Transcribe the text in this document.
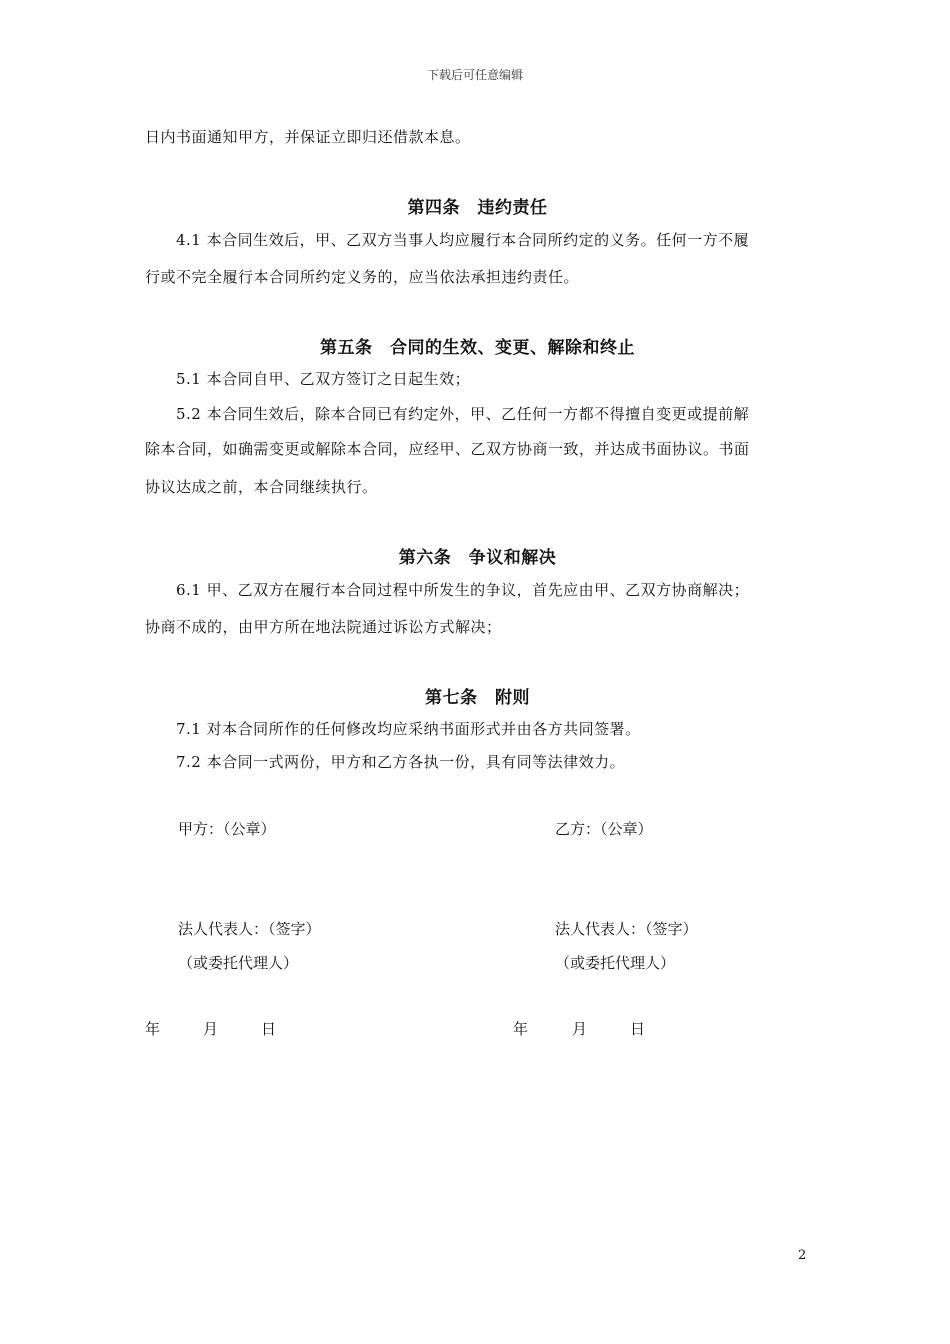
下载后可任意编辑
日内书面通知甲方，并保证立即归还借款本息。
第四条　违约责任
4.1 本合同生效后，甲、乙双方当事人均应履行本合同所约定的义务。任何一方不履
行或不完全履行本合同所约定义务的，应当依法承担违约责任。
第五条　合同的生效、变更、解除和终止
5.1 本合同自甲、乙双方签订之日起生效；
5.2 本合同生效后，除本合同已有约定外，甲、乙任何一方都不得擅自变更或提前解
除本合同，如确需变更或解除本合同，应经甲、乙双方协商一致，并达成书面协议。书面
协议达成之前，本合同继续执行。
第六条　争议和解决
6.1 甲、乙双方在履行本合同过程中所发生的争议，首先应由甲、乙双方协商解决；
协商不成的，由甲方所在地法院通过诉讼方式解决；
第七条　附则
7.1 对本合同所作的任何修改均应采纳书面形式并由各方共同签署。
7.2 本合同一式两份，甲方和乙方各执一份，具有同等法律效力。
甲方：（公章）	乙方：（公章）
法人代表人：（签字）	法人代表人：（签字）
（或委托代理人）	（或委托代理人）
年	月	日	年	月	日
2
